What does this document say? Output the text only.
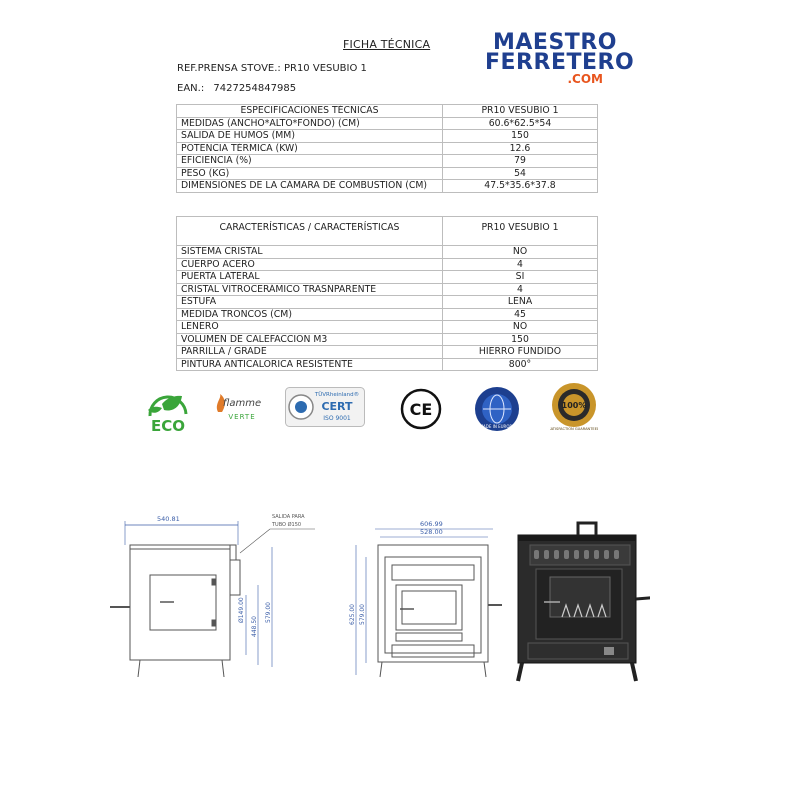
FICHA TÉCNICA
REF.PRENSA STOVE.: PR10 VESUBIO 1
EAN.: 7427254847985
MAESTRO
FERRETERO
.COM
ESPECIFICACIONES TÉCNICAS	PR10 VESUBIO 1
MEDIDAS (ANCHO*ALTO*FONDO) (CM)	60.6*62.5*54
SALIDA DE HUMOS (MM)	150
POTENCIA TÉRMICA (KW)	12.6
EFICIENCIA (%)	79
PESO (KG)	54
DIMENSIONES DE LA CÁMARA DE COMBUSTION (CM)	47.5*35.6*37.8
CARACTERÍSTICAS / CARACTERÍSTICAS	PR10 VESUBIO 1
SISTEMA CRISTAL	NO
CUERPO ACERO	4
PUERTA LATERAL	SI
CRISTAL VITROCERÁMICO TRASNPARENTE	4
ESTUFA	LEÑA
MEDIDA TRONCOS (CM)	45
LEÑERO	NO
VOLUMEN DE CALEFACCION M3	150
PARRILLA / GRADE	HIERRO FUNDIDO
PINTURA ANTICALÓRICA RESISTENTE	800°
ECO
flamme
VERTE
TÜVRheinland®
CERT
ISO 9001	CE
MADE IN EUROPE
100%
SATISFACTION GUARANTEED
540.81	SALIDA PARA
TUBO Ø150
Ø149.00
448.50
579.00
606.99
528.00
625.00 579.00
